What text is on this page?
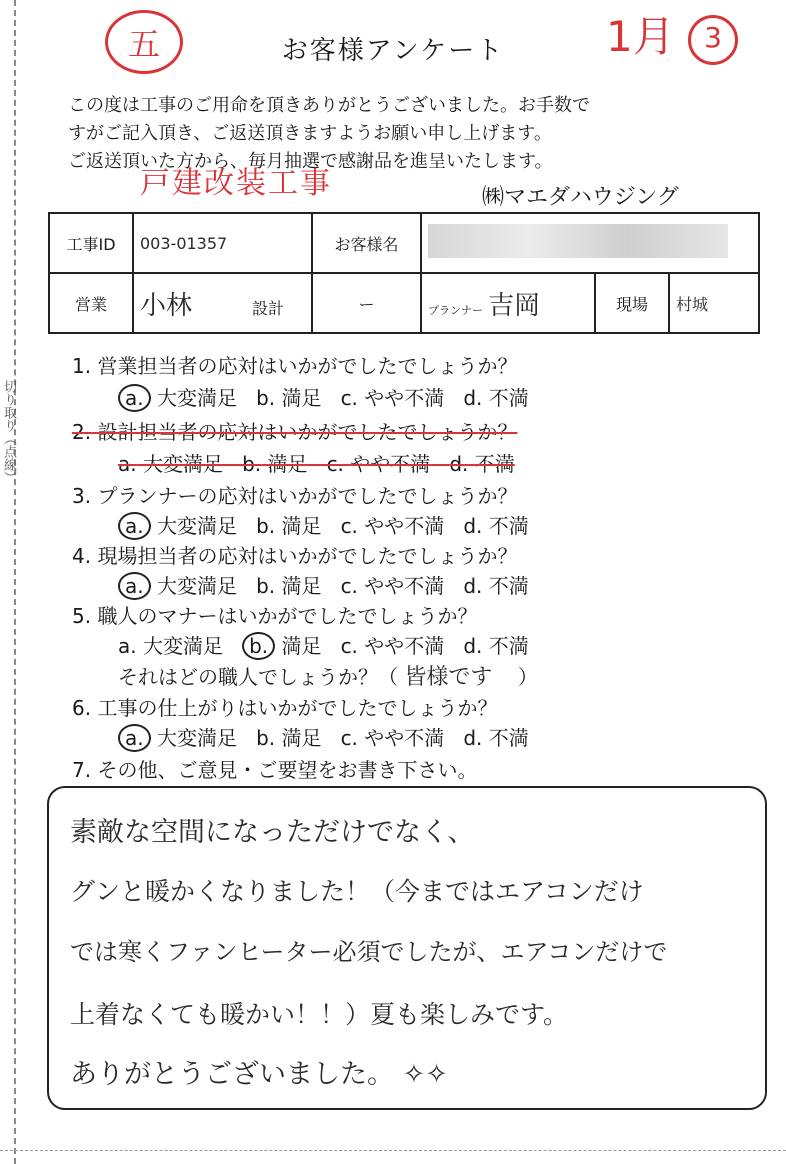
切り取り（点線）
五	お客様アンケート	1月 3
この度は工事のご用命を頂きありがとうございました。お手数で
すがご記入頂き、ご返送頂きますようお願い申し上げます。
ご返送頂いた方から、毎月抽選で感謝品を進呈いたします。
戸建改装工事	㈱マエダハウジング
工事ID	003-01357	お客様名			
営業	小林 設計	ー	プランナー 吉岡	現場	村城
1. 営業担当者の応対はいかがでしたでしょうか？
a. 大変満足 b. 満足 c. やや不満 d. 不満
2. 設計担当者の応対はいかがでしたでしょうか？
a. 大変満足 b. 満足 c. やや不満 d. 不満
3. プランナーの応対はいかがでしたでしょうか？
a. 大変満足 b. 満足 c. やや不満 d. 不満
4. 現場担当者の応対はいかがでしたでしょうか？
a. 大変満足 b. 満足 c. やや不満 d. 不満
5. 職人のマナーはいかがでしたでしょうか？
a. 大変満足 b. 満足 c. やや不満 d. 不満
それはどの職人でしょうか？（ 皆様です ）
6. 工事の仕上がりはいかがでしたでしょうか？
a. 大変満足 b. 満足 c. やや不満 d. 不満
7. その他、ご意見・ご要望をお書き下さい。
素敵な空間になっただけでなく、
グンと暖かくなりました！（今まではエアコンだけ
では寒くファンヒーター必須でしたが、エアコンだけで
上着なくても暖かい！！）夏も楽しみです。
ありがとうございました。 ✧✧
